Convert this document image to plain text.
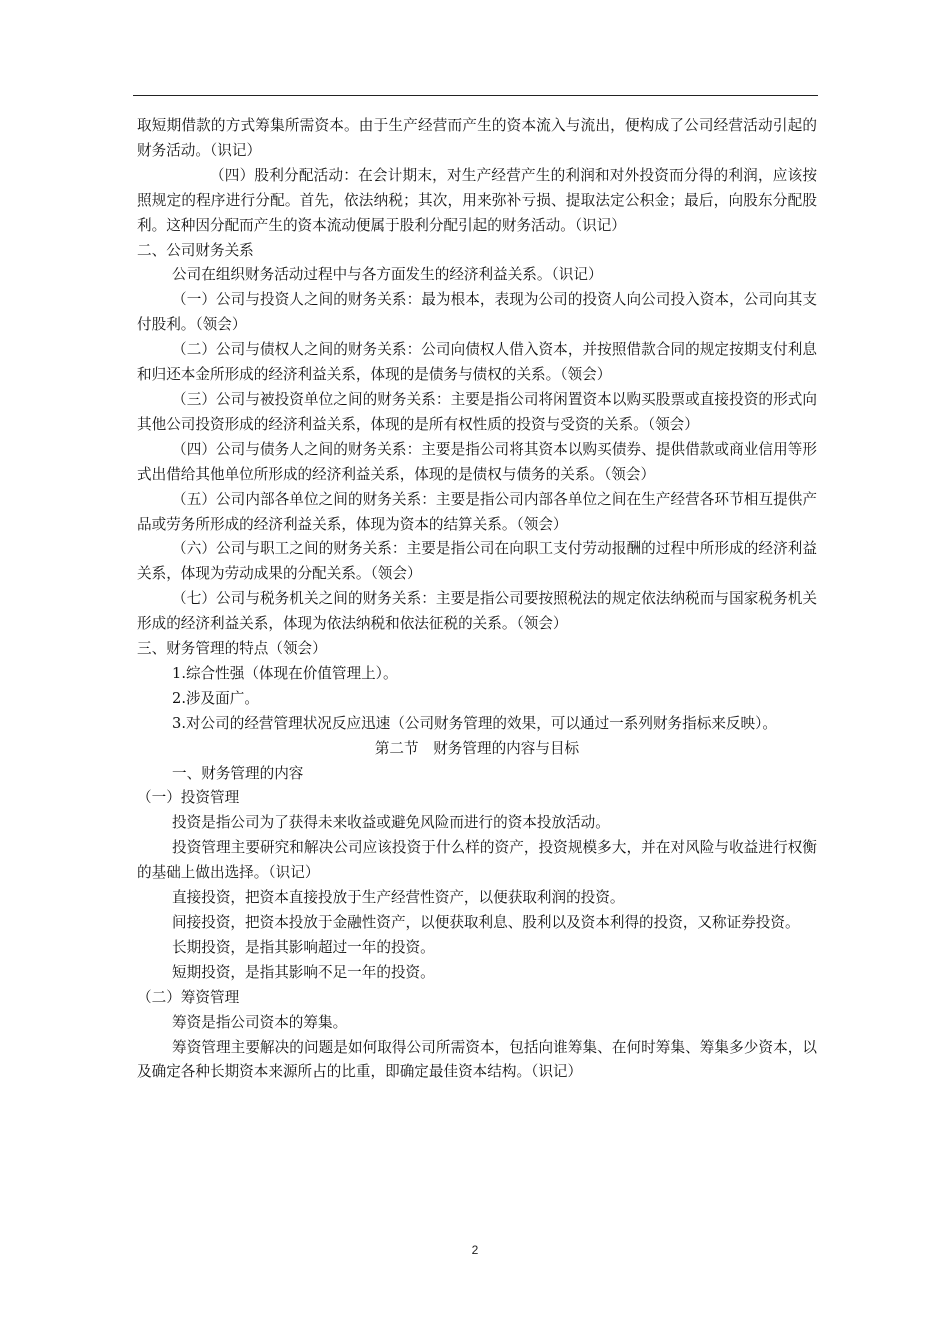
取短期借款的方式筹集所需资本。由于生产经营而产生的资本流入与流出，便构成了公司经营活动引起的财务活动。（识记）

（四）股利分配活动：在会计期末，对生产经营产生的利润和对外投资而分得的利润，应该按照规定的程序进行分配。首先，依法纳税；其次，用来弥补亏损、提取法定公积金；最后，向股东分配股利。这种因分配而产生的资本流动便属于股利分配引起的财务活动。（识记）

二、公司财务关系

公司在组织财务活动过程中与各方面发生的经济利益关系。（识记）

（一）公司与投资人之间的财务关系：最为根本，表现为公司的投资人向公司投入资本，公司向其支付股利。（领会）

（二）公司与债权人之间的财务关系：公司向债权人借入资本，并按照借款合同的规定按期支付利息和归还本金所形成的经济利益关系，体现的是债务与债权的关系。（领会）

（三）公司与被投资单位之间的财务关系：主要是指公司将闲置资本以购买股票或直接投资的形式向其他公司投资形成的经济利益关系，体现的是所有权性质的投资与受资的关系。（领会）

（四）公司与债务人之间的财务关系：主要是指公司将其资本以购买债券、提供借款或商业信用等形式出借给其他单位所形成的经济利益关系，体现的是债权与债务的关系。（领会）

（五）公司内部各单位之间的财务关系：主要是指公司内部各单位之间在生产经营各环节相互提供产品或劳务所形成的经济利益关系，体现为资本的结算关系。（领会）

（六）公司与职工之间的财务关系：主要是指公司在向职工支付劳动报酬的过程中所形成的经济利益关系，体现为劳动成果的分配关系。（领会）

（七）公司与税务机关之间的财务关系：主要是指公司要按照税法的规定依法纳税而与国家税务机关形成的经济利益关系，体现为依法纳税和依法征税的关系。（领会）

三、财务管理的特点（领会）

1.综合性强（体现在价值管理上）。

2.涉及面广。

3.对公司的经营管理状况反应迅速（公司财务管理的效果，可以通过一系列财务指标来反映）。

第二节　财务管理的内容与目标

一、财务管理的内容

（一）投资管理

投资是指公司为了获得未来收益或避免风险而进行的资本投放活动。

投资管理主要研究和解决公司应该投资于什么样的资产，投资规模多大，并在对风险与收益进行权衡的基础上做出选择。（识记）

直接投资，把资本直接投放于生产经营性资产，以便获取利润的投资。

间接投资，把资本投放于金融性资产，以便获取利息、股利以及资本利得的投资，又称证券投资。

长期投资，是指其影响超过一年的投资。

短期投资，是指其影响不足一年的投资。

（二）筹资管理

筹资是指公司资本的筹集。

筹资管理主要解决的问题是如何取得公司所需资本，包括向谁筹集、在何时筹集、筹集多少资本，以及确定各种长期资本来源所占的比重，即确定最佳资本结构。（识记）

2
